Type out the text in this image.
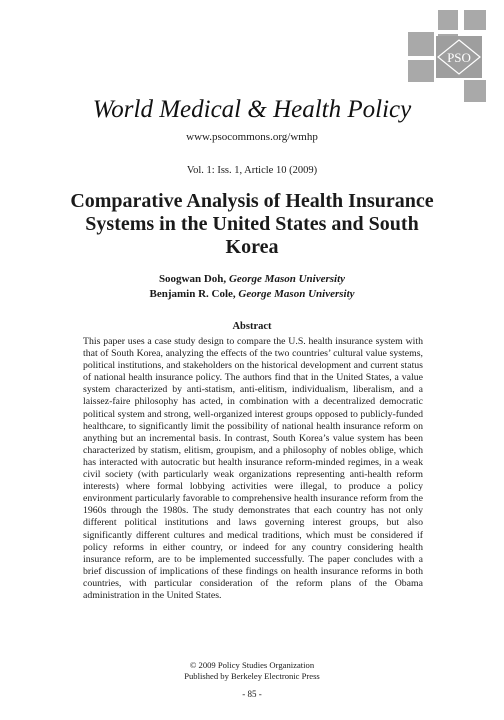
PSO
World Medical & Health Policy
www.psocommons.org/wmhp
Vol. 1: Iss. 1, Article 10 (2009)
Comparative Analysis of Health Insurance Systems in the United States and South Korea
Soogwan Doh, George Mason University
Benjamin R. Cole, George Mason University
Abstract

This paper uses a case study design to compare the U.S. health insurance system with that of South Korea, analyzing the effects of the two countries’ cultural value systems, political institutions, and stakeholders on the historical development and current status of national health insurance policy. The authors find that in the United States, a value system characterized by anti-statism, anti-elitism, individualism, liberalism, and a laissez-faire philosophy has acted, in combination with a decentralized democratic political system and strong, well-organized interest groups opposed to publicly-funded healthcare, to significantly limit the possibility of national health insurance reform on anything but an incremental basis. In contrast, South Korea’s value system has been characterized by statism, elitism, groupism, and a philosophy of nobles oblige, which has interacted with autocratic but health insurance reform-minded regimes, in a weak civil society (with particularly weak organizations representing anti-health reform interests) where formal lobbying activities were illegal, to produce a policy environment particularly favorable to comprehensive health insurance reform from the 1960s through the 1980s. The study demonstrates that each country has not only different political institutions and laws governing interest groups, but also significantly different cultures and medical traditions, which must be considered if policy reforms in either country, or indeed for any country considering health insurance reform, are to be implemented successfully. The paper concludes with a brief discussion of implications of these findings on health insurance reforms in both countries, with particular consideration of the reform plans of the Obama administration in the United States.

© 2009 Policy Studies Organization
Published by Berkeley Electronic Press
- 85 -
